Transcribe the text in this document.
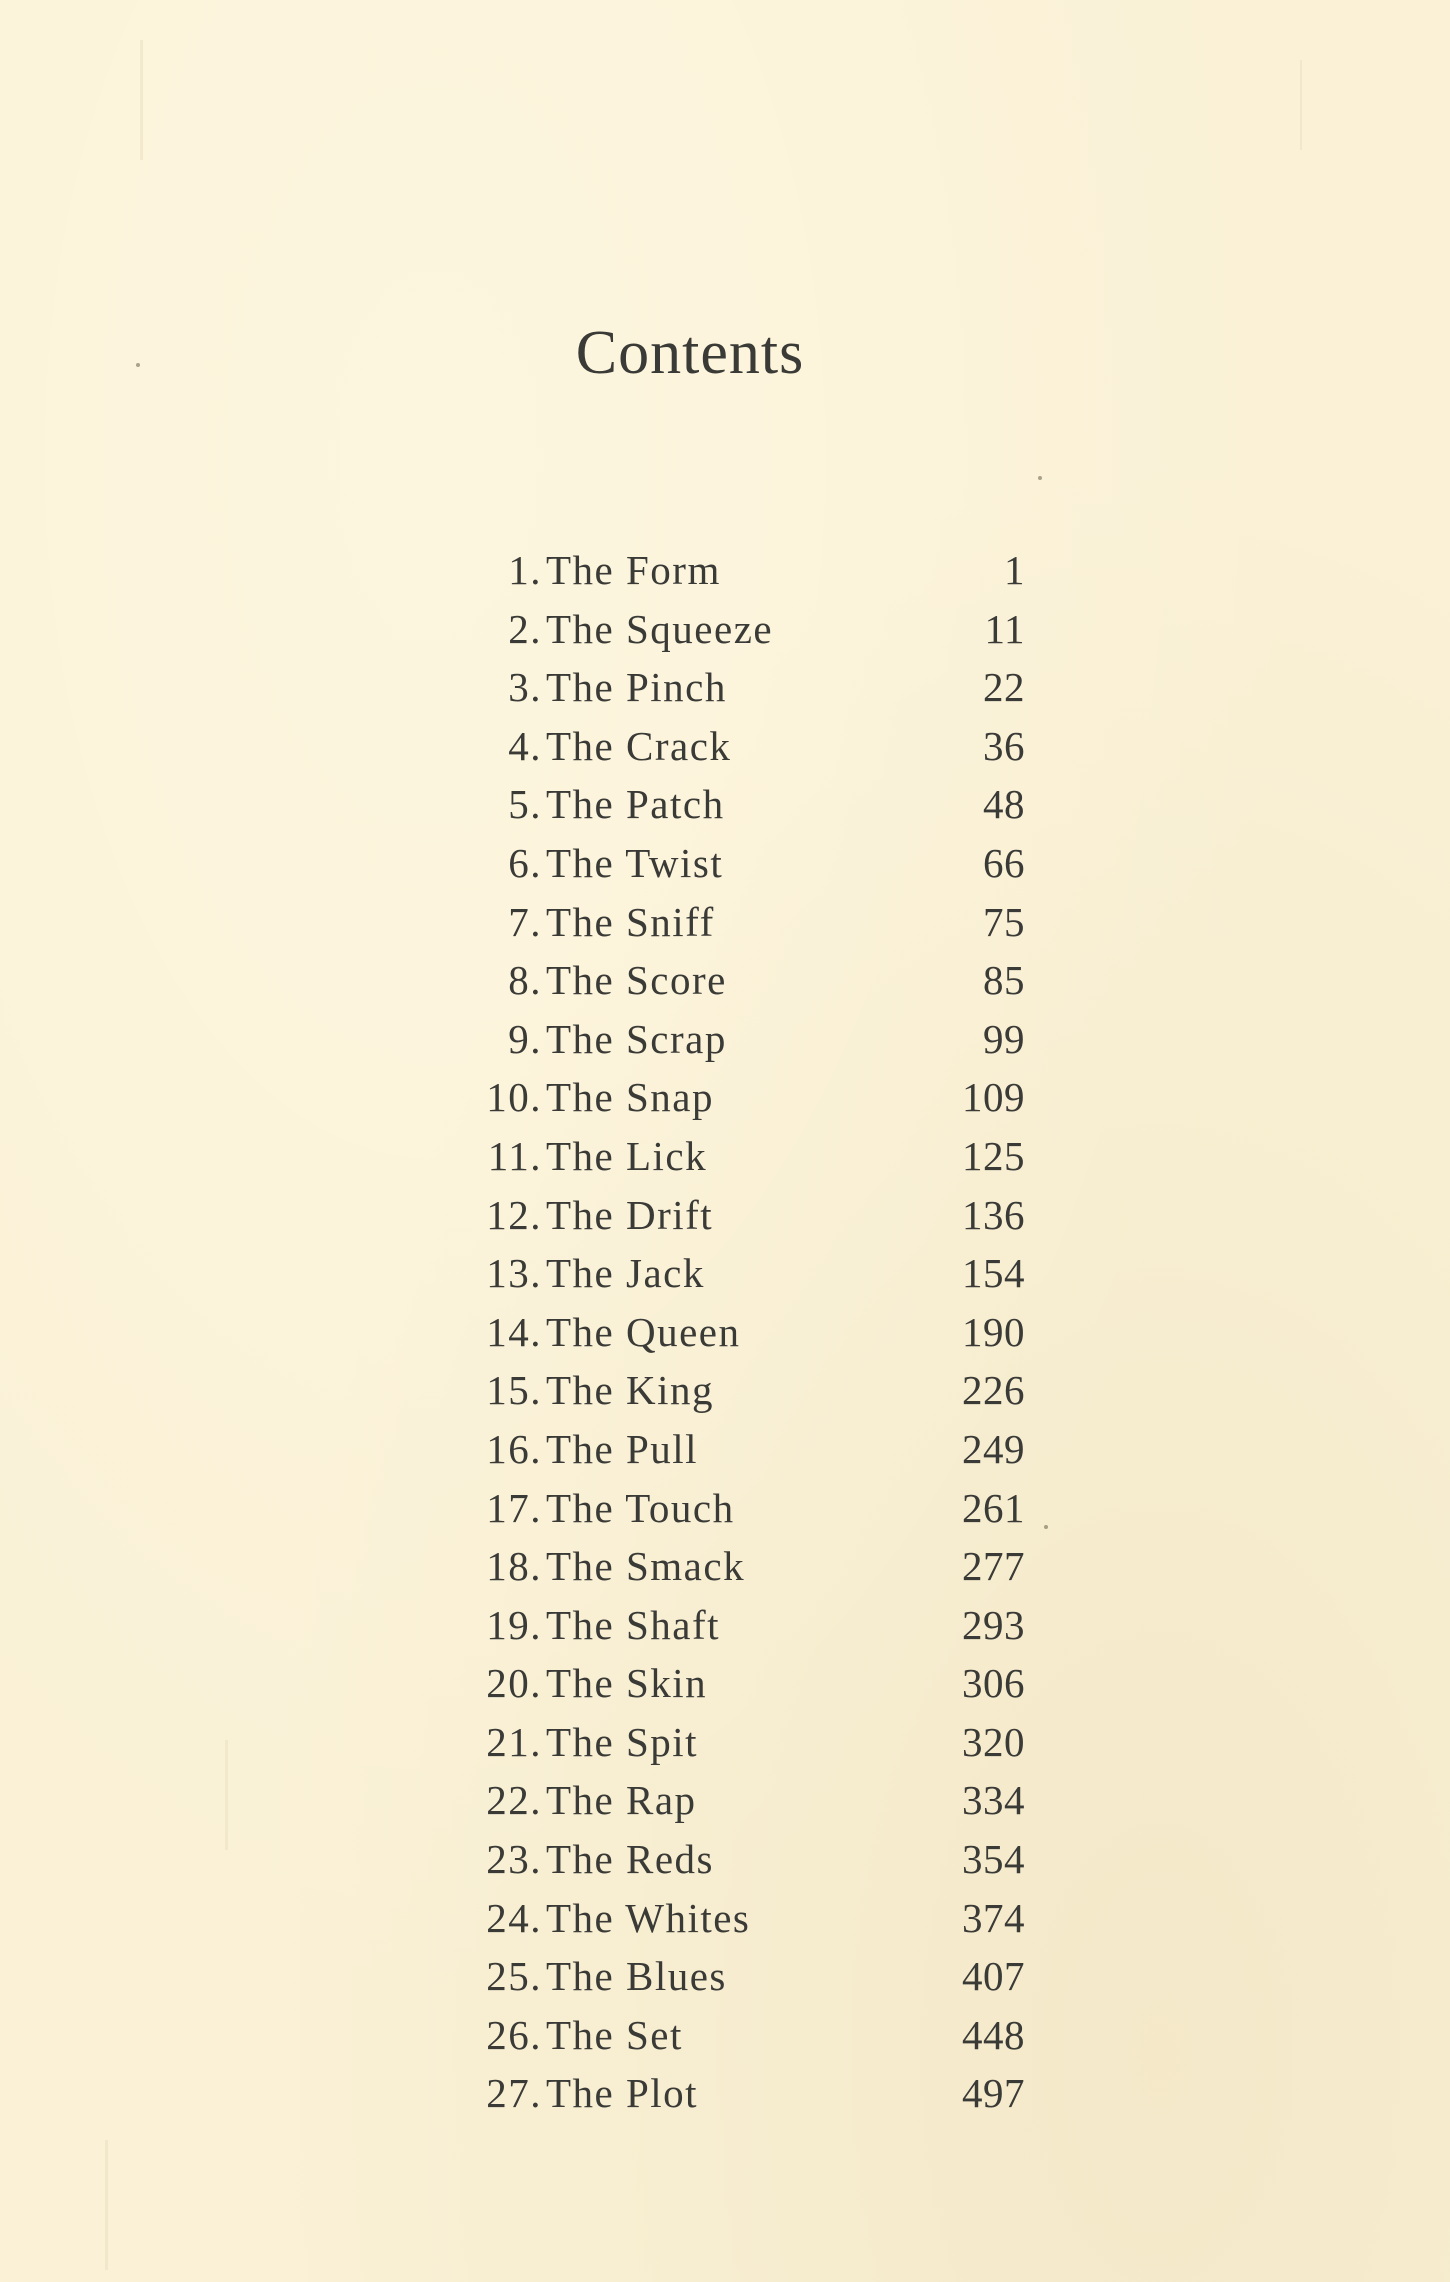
Contents
1. The Form	1
2. The Squeeze	11
3. The Pinch	22
4. The Crack	36
5. The Patch	48
6. The Twist	66
7. The Sniff	75
8. The Score	85
9. The Scrap	99
10. The Snap	109
11. The Lick	125
12. The Drift	136
13. The Jack	154
14. The Queen	190
15. The King	226
16. The Pull	249
17. The Touch	261
18. The Smack	277
19. The Shaft	293
20. The Skin	306
21. The Spit	320
22. The Rap	334
23. The Reds	354
24. The Whites	374
25. The Blues	407
26. The Set	448
27. The Plot	497
